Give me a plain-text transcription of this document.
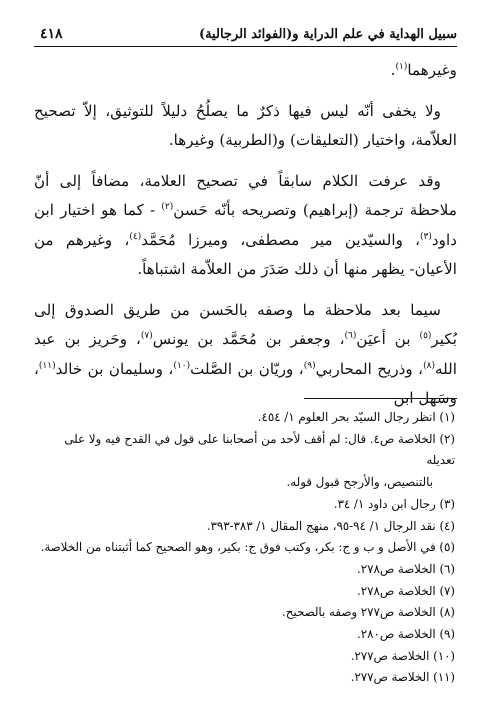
سبيل الهداية في علم الدراية و(الفوائد الرجالية)
٤١٨

وغيرهما$^{(١)}$.

ولا يخفى أنّه ليس فيها ذكرٌ ما يصلُحُ دليلاً للتوثيق، إلاّ تصحيح العلاّمة، واختيار (التعليقات) و(الطربية) وغيرها.

وقد عرفت الكلام سابقاً في تصحيح العلامة، مضافاً إلى أنّ ملاحظة ترجمة (إبراهيم) وتصريحه بأنّه حَسن$^{(٢)}$ - كما هو اختيار ابن داود$^{(٣)}$، والسيّدين مير مصطفى، وميرزا مُحَمَّد$^{(٤)}$، وغيرهم من الأعيان- يظهر منها أن ذلك صَدَرَ من العلاّمة اشتباهاً.

سيما بعد ملاحظة ما وصفه بالحَسن من طريق الصدوق إلى بُكير$^{(٥)}$ بن أعيَن$^{(٦)}$، وجعفر بن مُحَمَّد بن يونس$^{(٧)}$، وحَريز بن عبد الله$^{(٨)}$، وذريح المحاربي$^{(٩)}$، وريّان بن الصَّلت$^{(١٠)}$، وسليمان بن خالد$^{(١١)}$، وسَهل ابن

(١) انظر رجال السيّد بحر العلوم ١/ ٤٥٤.

(٢) الخلاصة ص٤. قال: لم أقف لأحد من أصحابنا على قول في القدح فيه ولا على تعديله

بالتنصيص، والأرجح قبول قوله.

(٣) رجال ابن داود ١/ ٣٤.

(٤) نقد الرجال ١/ ٩٤-٩٥، منهج المقال ١/ ٣٨٣-٣٩٣.

(٥) في الأصل و ب و ج: بكر، وكتب فوق ج: بكير، وهو الصحيح كما أثبتناه من الخلاصة.

(٦) الخلاصة ص٢٧٨.

(٧) الخلاصة ص٢٧٨.

(٨) الخلاصة ص٢٧٧ وصفه بالصحيح.

(٩) الخلاصة ص٢٨٠.

(١٠) الخلاصة ص٢٧٧.

(١١) الخلاصة ص٢٧٧.
